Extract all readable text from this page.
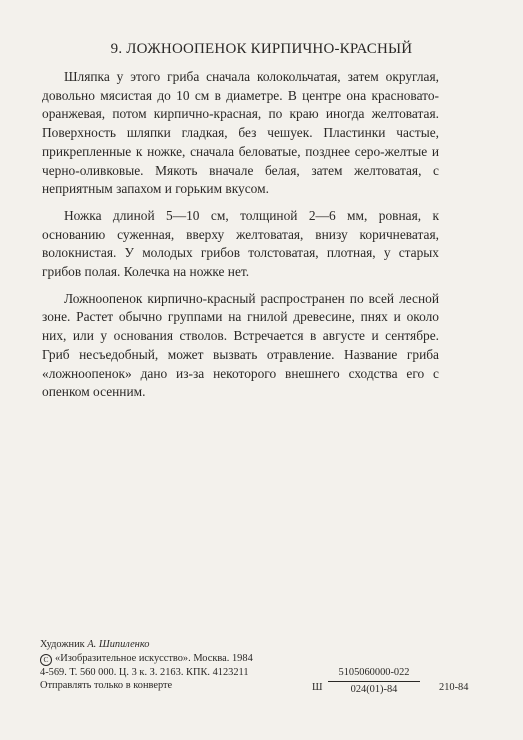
9. ЛОЖНООПЕНОК КИРПИЧНО-КРАСНЫЙ

Шляпка у этого гриба сначала колокольчатая, затем округлая, довольно мясистая до 10 см в диаметре. В центре она красновато-оранжевая, потом кирпично-красная, по краю иногда желтоватая. Поверхность шляпки гладкая, без чешуек. Пластинки частые, прикрепленные к ножке, сначала беловатые, позднее серо-желтые и черно-оливковые. Мякоть вначале белая, затем желтоватая, с неприятным запахом и горьким вкусом.

Ножка длиной 5—10 см, толщиной 2—6 мм, ровная, к основанию суженная, вверху желтоватая, внизу коричневатая, волокнистая. У молодых грибов толстоватая, плотная, у старых грибов полая. Колечка на ножке нет.

Ложноопенок кирпично-красный распространен по всей лесной зоне. Растет обычно группами на гнилой древесине, пнях и около них, или у основания стволов. Встречается в августе и сентябре. Гриб несъедобный, может вызвать отравление. Название гриба «ложноопенок» дано из-за некоторого внешнего сходства его с опенком осенним.

Художник А. Шипиленко
C «Изобразительное искусство». Москва. 1984
4-569. Т. 560 000. Ц. 3 к. З. 2163. КПК. 4123211
Отправлять только в конверте	Ш $\frac{5105060000-022}{024(01)-84} 210-84$
